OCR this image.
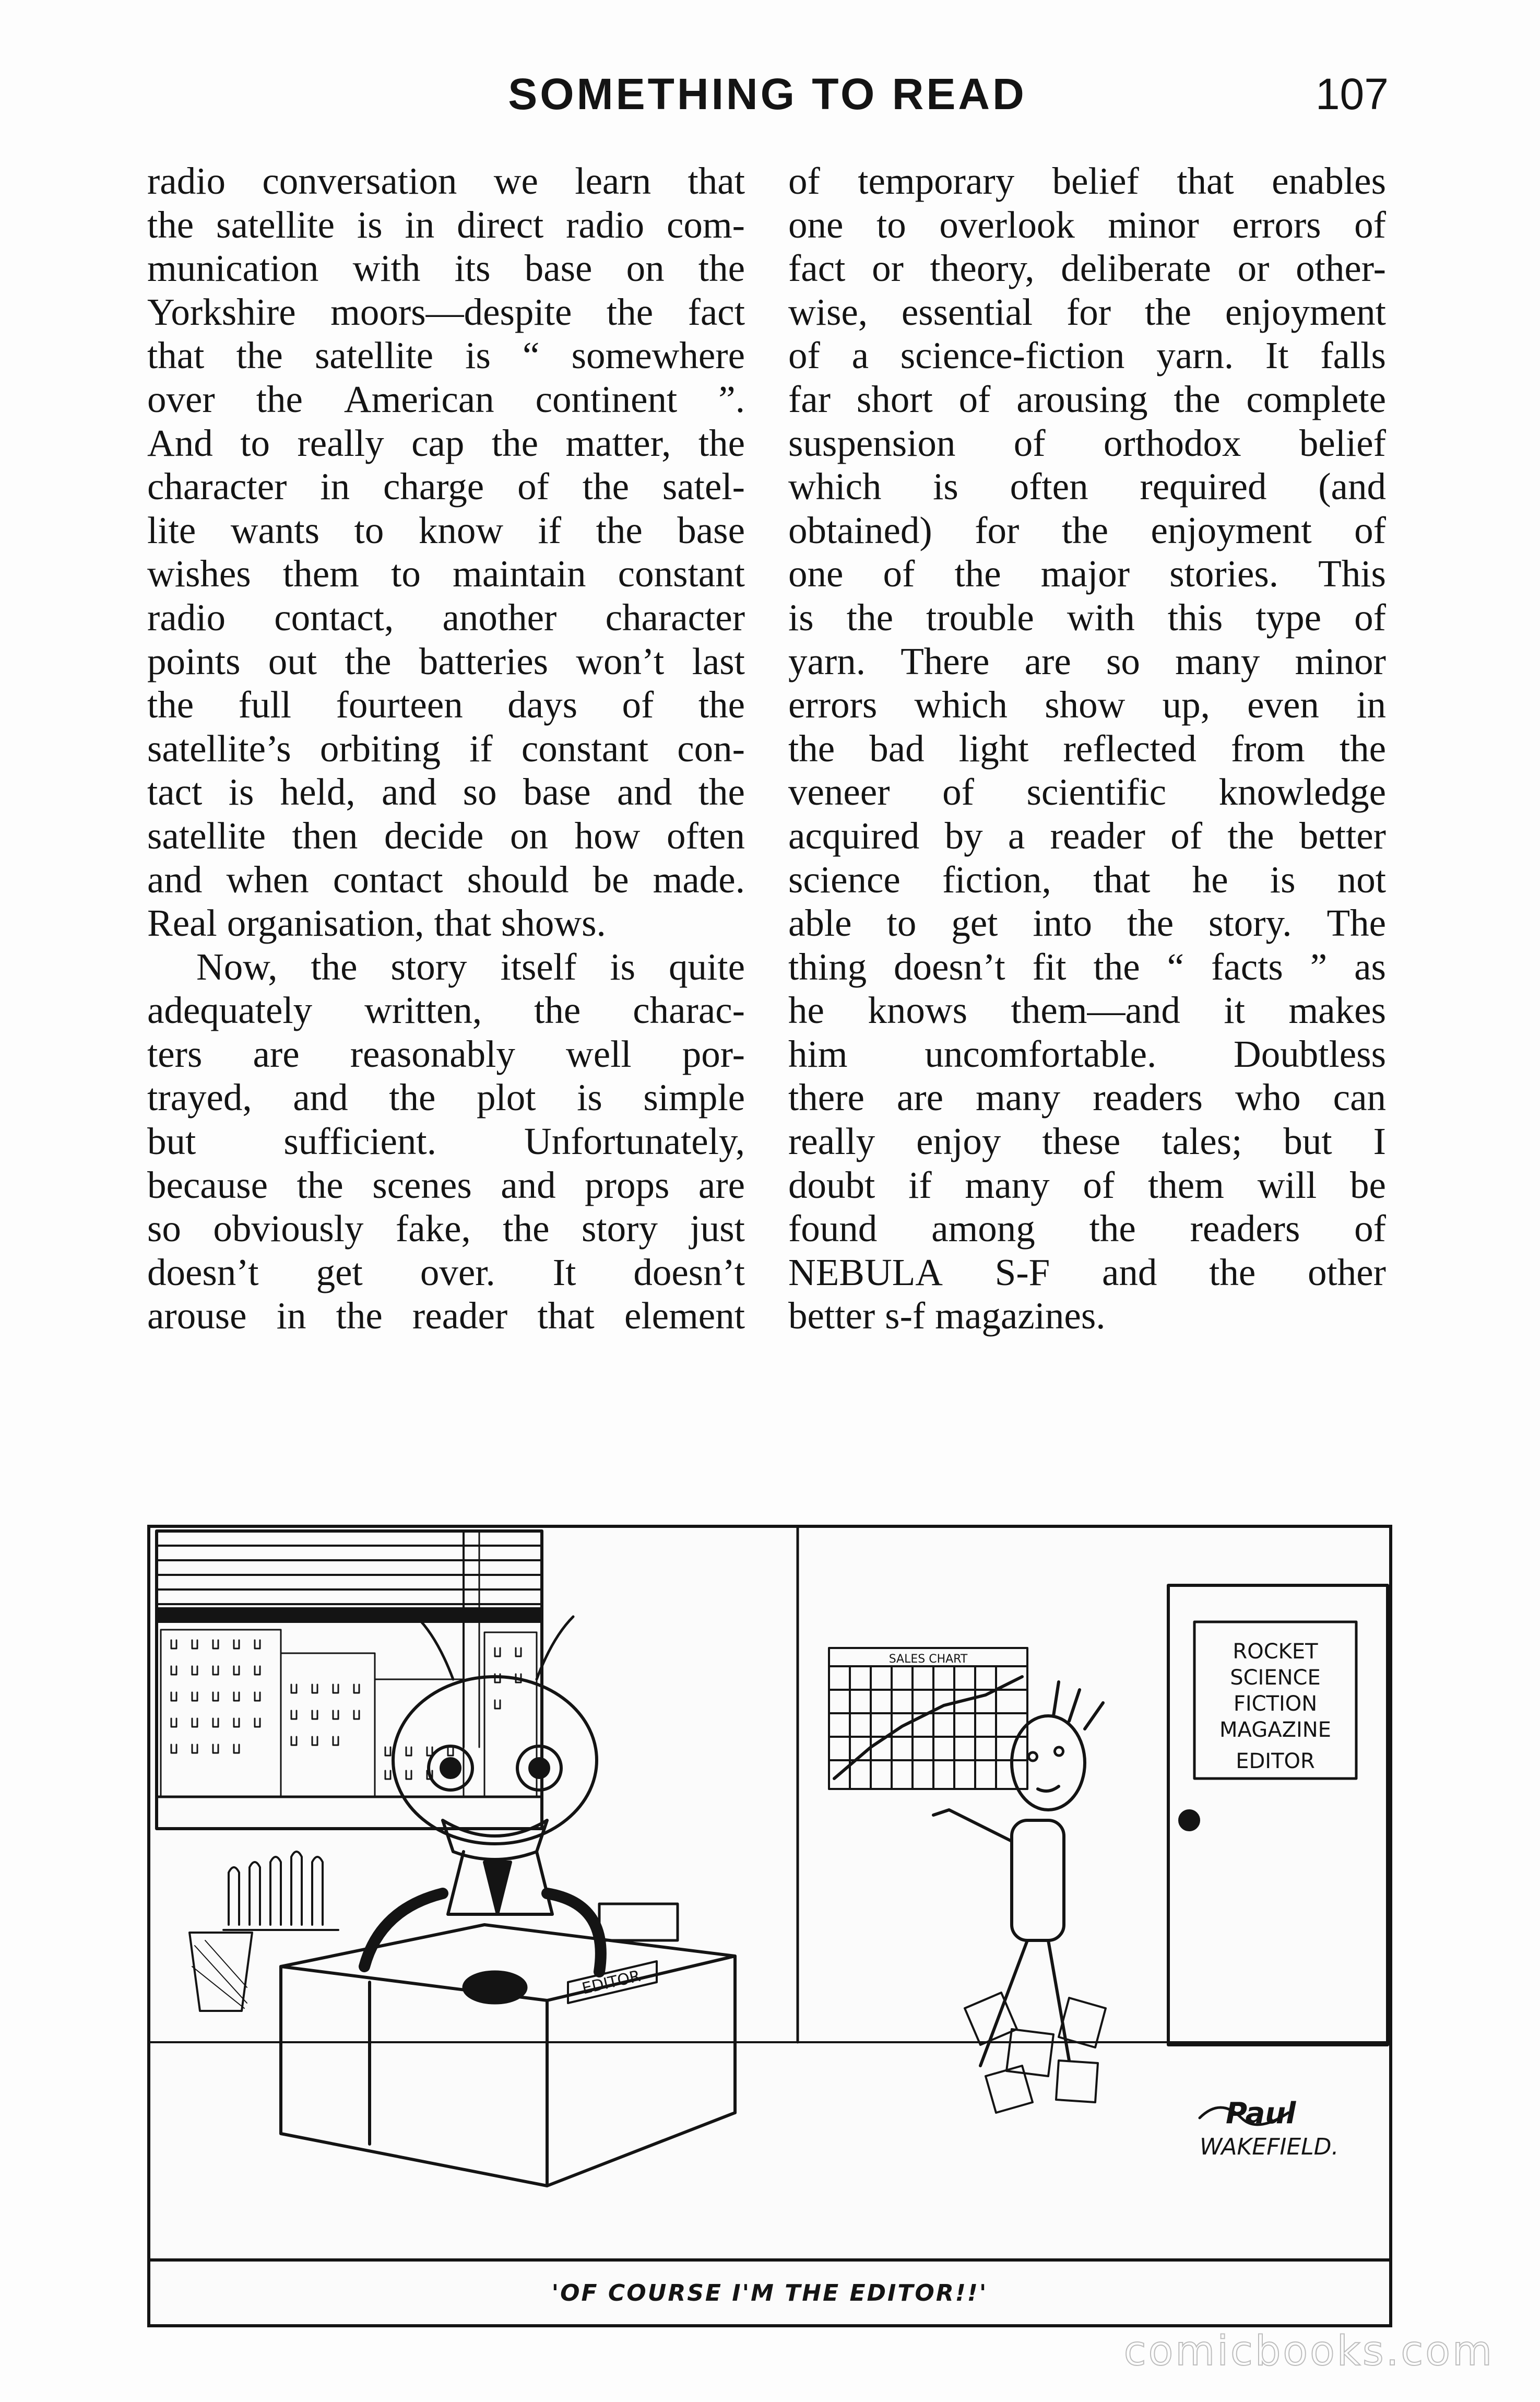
SOMETHING TO READ	107
radio conversation we learn that
the satellite is in direct radio com-
munication with its base on the
Yorkshire moors—despite the fact
that the satellite is “ somewhere
over the American continent ”.
And to really cap the matter, the
character in charge of the satel-
lite wants to know if the base
wishes them to maintain constant
radio contact, another character
points out the batteries won’t last
the full fourteen days of the
satellite’s orbiting if constant con-
tact is held, and so base and the
satellite then decide on how often
and when contact should be made.
Real organisation, that shows.
Now, the story itself is quite
adequately written, the charac-
ters are reasonably well por-
trayed, and the plot is simple
but sufficient. Unfortunately,
because the scenes and props are
so obviously fake, the story just
doesn’t get over. It doesn’t
arouse in the reader that element
of temporary belief that enables
one to overlook minor errors of
fact or theory, deliberate or other-
wise, essential for the enjoyment
of a science-fiction yarn. It falls
far short of arousing the complete
suspension of orthodox belief
which is often required (and
obtained) for the enjoyment of
one of the major stories. This
is the trouble with this type of
yarn. There are so many minor
errors which show up, even in
the bad light reflected from the
veneer of scientific knowledge
acquired by a reader of the better
science fiction, that he is not
able to get into the story. The
thing doesn’t fit the “ facts ” as
he knows them—and it makes
him uncomfortable. Doubtless
there are many readers who can
really enjoy these tales; but I
doubt if many of them will be
found among the readers of
NEBULA S-F and the other
better s-f magazines.
ROCKET
SCIENCE
FICTION
MAGAZINE
EDITOR
SALES CHART
EDITOR
Paul
WAKEFIELD.
'OF COURSE I'M THE EDITOR!!'
comicbooks.com
